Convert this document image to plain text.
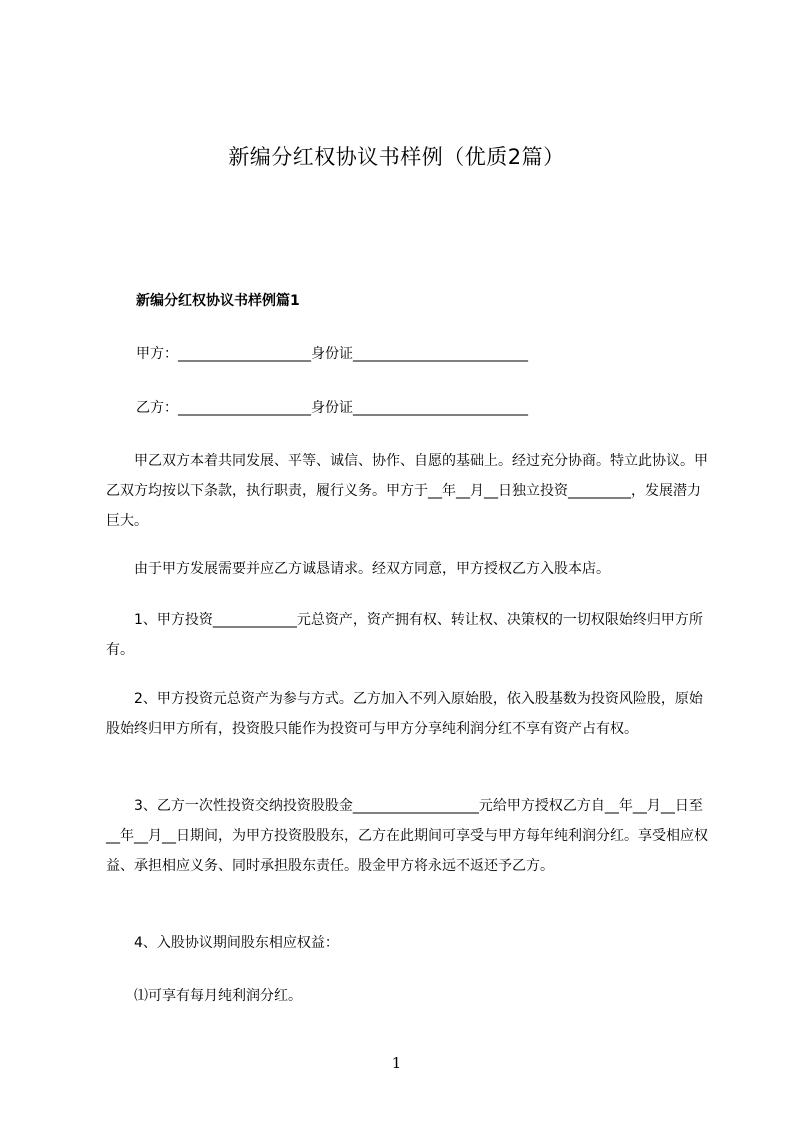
新编分红权协议书样例（优质2篇）
新编分红权协议书样例篇1
甲方：___________________身份证_________________________
乙方：___________________身份证_________________________

甲乙双方本着共同发展、平等、诚信、协作、自愿的基础上。经过充分协商。特立此协议。甲乙双方均按以下条款，执行职责，履行义务。甲方于__年__月__日独立投资_________，发展潜力巨大。

由于甲方发展需要并应乙方诚恳请求。经双方同意，甲方授权乙方入股本店。

1、甲方投资____________元总资产，资产拥有权、转让权、决策权的一切权限始终归甲方所有。

2、甲方投资元总资产为参与方式。乙方加入不列入原始股，依入股基数为投资风险股，原始股始终归甲方所有，投资股只能作为投资可与甲方分享纯利润分红不享有资产占有权。

3、乙方一次性投资交纳投资股股金__________________元给甲方授权乙方自__年__月__日至__年__月__日期间，为甲方投资股股东，乙方在此期间可享受与甲方每年纯利润分红。享受相应权益、承担相应义务、同时承担股东责任。股金甲方将永远不返还予乙方。

4、入股协议期间股东相应权益：

⑴可享有每月纯利润分红。

1
